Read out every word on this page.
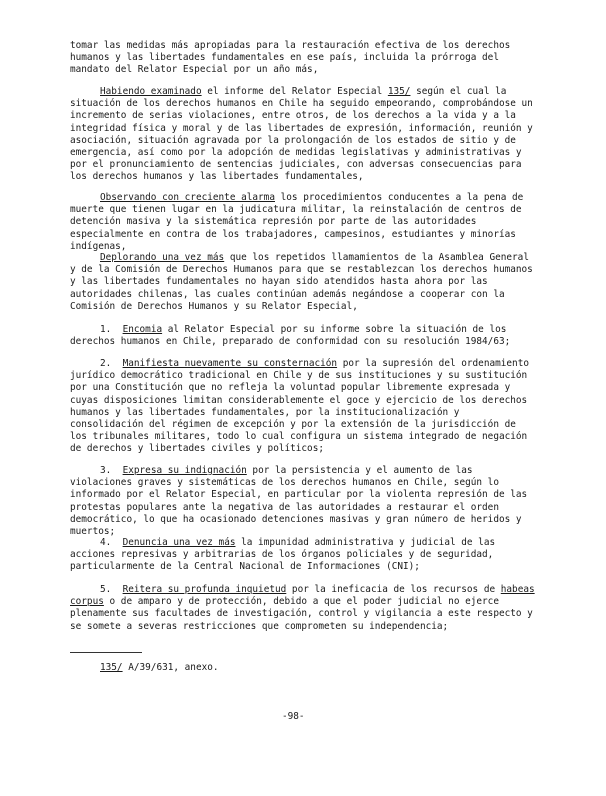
tomar las medidas más apropiadas para la restauración efectiva de los derechos humanos y las libertades fundamentales en ese país, incluida la prórroga del mandato del Relator Especial por un año más,

Habiendo examinado el informe del Relator Especial 135/ según el cual la situación de los derechos humanos en Chile ha seguido empeorando, comprobándose un incremento de serias violaciones, entre otros, de los derechos a la vida y a la integridad física y moral y de las libertades de expresión, información, reunión y asociación, situación agravada por la prolongación de los estados de sitio y de emergencia, así como por la adopción de medidas legislativas y administrativas y por el pronunciamiento de sentencias judiciales, con adversas consecuencias para los derechos humanos y las libertades fundamentales,

Observando con creciente alarma los procedimientos conducentes a la pena de muerte que tienen lugar en la judicatura militar, la reinstalación de centros de detención masiva y la sistemática represión por parte de las autoridades especialmente en contra de los trabajadores, campesinos, estudiantes y minorías indígenas,

Deplorando una vez más que los repetidos llamamientos de la Asamblea General y de la Comisión de Derechos Humanos para que se restablezcan los derechos humanos y las libertades fundamentales no hayan sido atendidos hasta ahora por las autoridades chilenas, las cuales continúan además negándose a cooperar con la Comisión de Derechos Humanos y su Relator Especial,

1. Encomia al Relator Especial por su informe sobre la situación de los derechos humanos en Chile, preparado de conformidad con su resolución 1984/63;

2. Manifiesta nuevamente su consternación por la supresión del ordenamiento jurídico democrático tradicional en Chile y de sus instituciones y su sustitución por una Constitución que no refleja la voluntad popular libremente expresada y cuyas disposiciones limitan considerablemente el goce y ejercicio de los derechos humanos y las libertades fundamentales, por la institucionalización y consolidación del régimen de excepción y por la extensión de la jurisdicción de los tribunales militares, todo lo cual configura un sistema integrado de negación de derechos y libertades civiles y políticos;

3. Expresa su indignación por la persistencia y el aumento de las violaciones graves y sistemáticas de los derechos humanos en Chile, según lo informado por el Relator Especial, en particular por la violenta represión de las protestas populares ante la negativa de las autoridades a restaurar el orden democrático, lo que ha ocasionado detenciones masivas y gran número de heridos y muertos;

4. Denuncia una vez más la impunidad administrativa y judicial de las acciones represivas y arbitrarias de los órganos policiales y de seguridad, particularmente de la Central Nacional de Informaciones (CNI);

5. Reitera su profunda inquietud por la ineficacia de los recursos de habeas corpus o de amparo y de protección, debido a que el poder judicial no ejerce plenamente sus facultades de investigación, control y vigilancia a este respecto y se somete a severas restricciones que comprometen su independencia;

135/ A/39/631, anexo.
-98-
